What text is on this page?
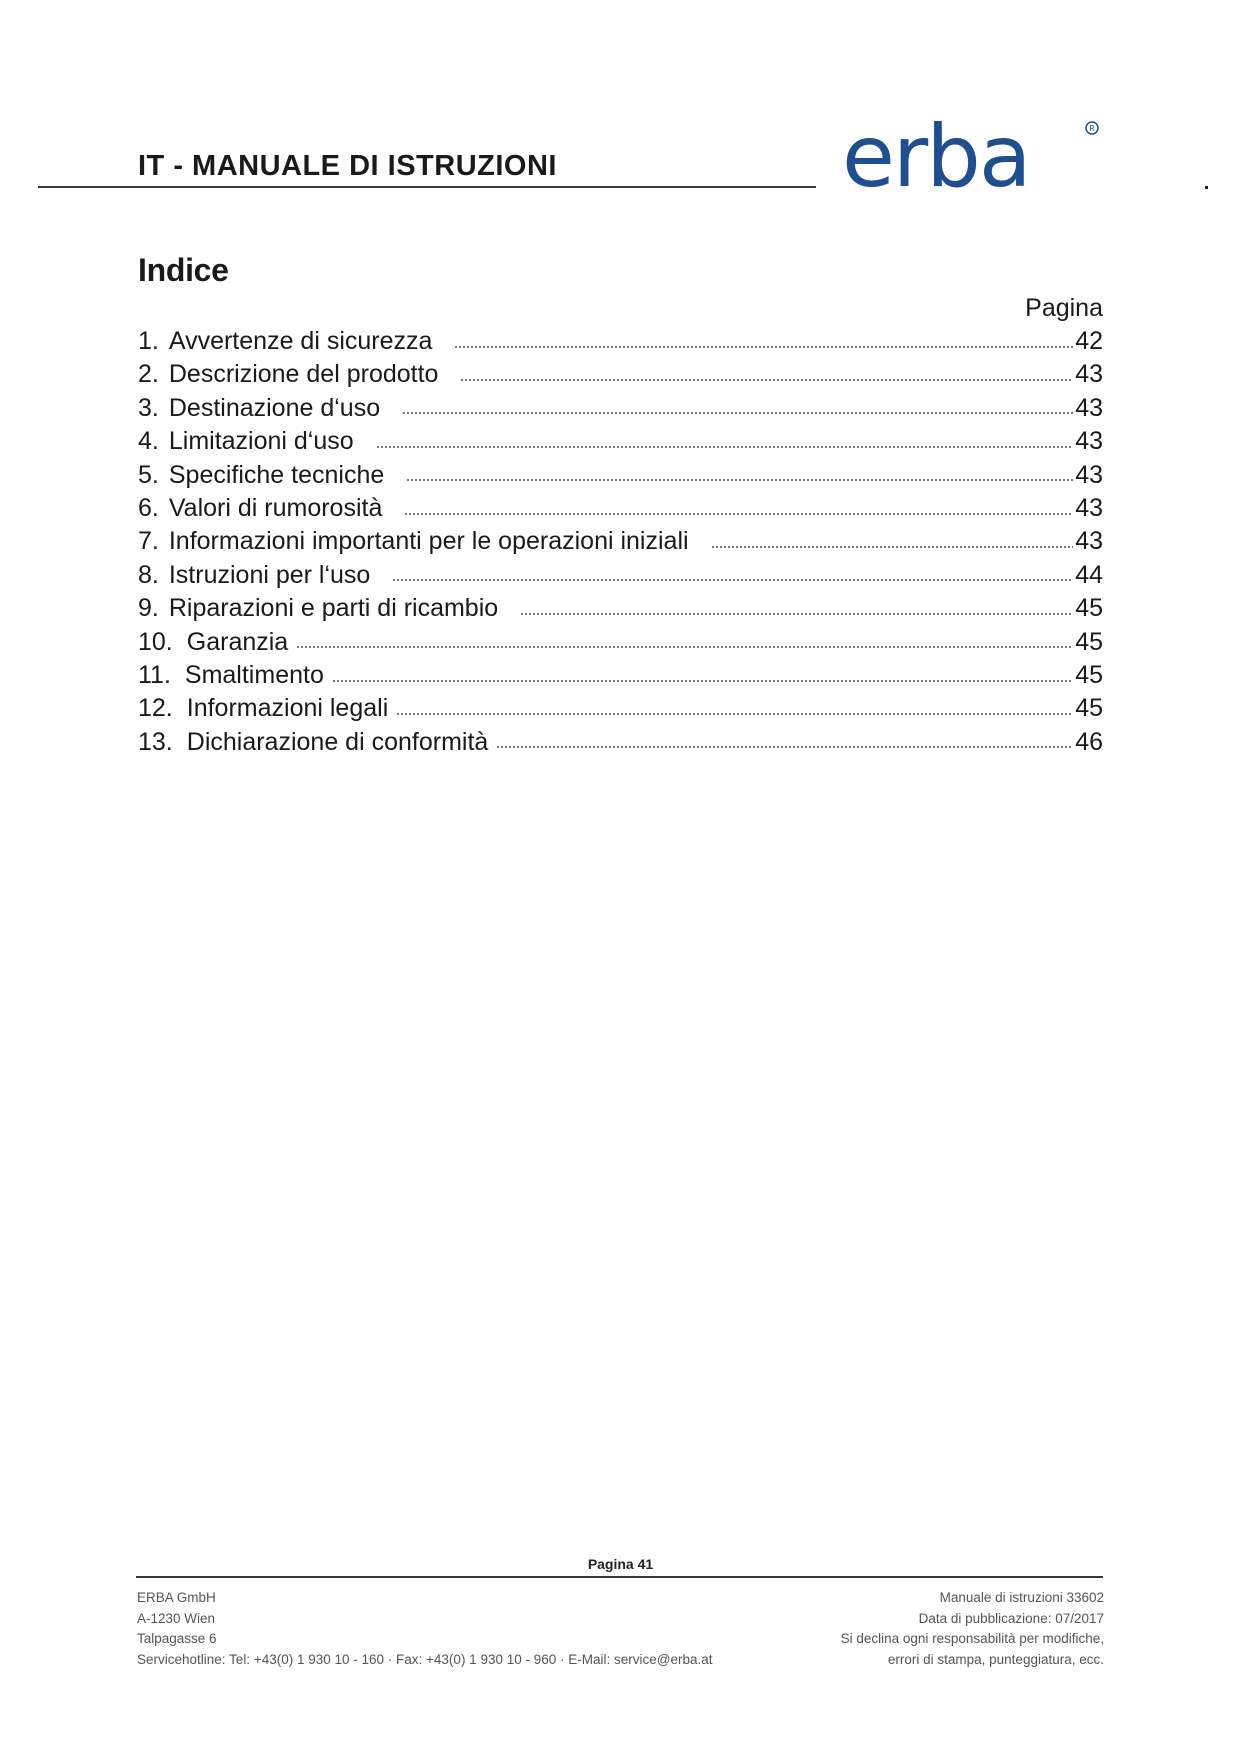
IT - MANUALE DI ISTRUZIONI	erba	R
Indice
Pagina
1. Avvertenze di sicurezza	42
2. Descrizione del prodotto	43
3. Destinazione d‘uso	43
4. Limitazioni d‘uso	43
5. Specifiche tecniche	43
6. Valori di rumorosità	43
7. Informazioni importanti per le operazioni iniziali	43
8. Istruzioni per l‘uso	44
9. Riparazioni e parti di ricambio	45
10. Garanzia	45
11. Smaltimento	45
12. Informazioni legali	45
13. Dichiarazione di conformità	46
Pagina 41
ERBA GmbH
A-1230 Wien
Talpagasse 6
Servicehotline: Tel: +43(0) 1 930 10 - 160 · Fax: +43(0) 1 930 10 - 960 · E-Mail: service@erba.at
Manuale di istruzioni 33602
Data di pubblicazione: 07/2017
Si declina ogni responsabilità per modifiche,
errori di stampa, punteggiatura, ecc.
